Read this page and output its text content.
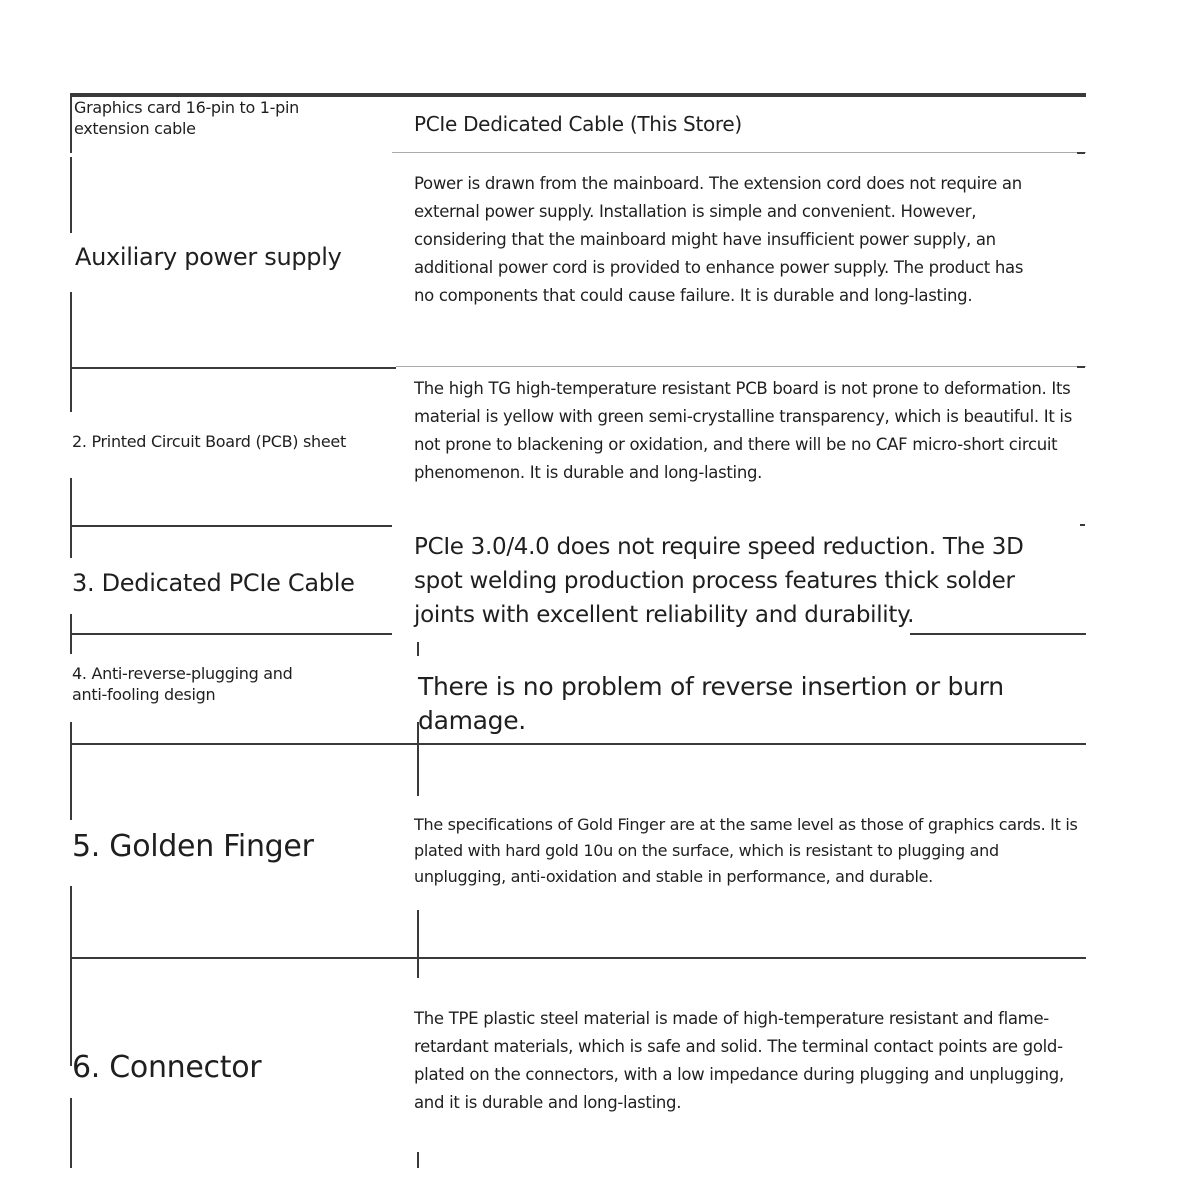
Graphics card 16-pin to 1-pin extension cable	PCIe Dedicated Cable (This Store)
Auxiliary power supply
Power is drawn from the mainboard. The extension cord does not require an external power supply. Installation is simple and convenient. However, considering that the mainboard might have insufficient power supply, an additional power cord is provided to enhance power supply. The product has no components that could cause failure. It is durable and long-lasting.
2. Printed Circuit Board (PCB) sheet
The high TG high-temperature resistant PCB board is not prone to deformation. Its material is yellow with green semi-crystalline transparency, which is beautiful. It is not prone to blackening or oxidation, and there will be no CAF micro-short circuit phenomenon. It is durable and long-lasting.
3. Dedicated PCIe Cable
PCIe 3.0/4.0 does not require speed reduction. The 3D spot welding production process features thick solder joints with excellent reliability and durability.
4. Anti-reverse-plugging and anti-fooling design	There is no problem of reverse insertion or burn damage.
5. Golden Finger
The specifications of Gold Finger are at the same level as those of graphics cards. It is plated with hard gold 10u on the surface, which is resistant to plugging and unplugging, anti-oxidation and stable in performance, and durable.
6. Connector
The TPE plastic steel material is made of high-temperature resistant and flame-retardant materials, which is safe and solid. The terminal contact points are gold-plated on the connectors, with a low impedance during plugging and unplugging, and it is durable and long-lasting.
